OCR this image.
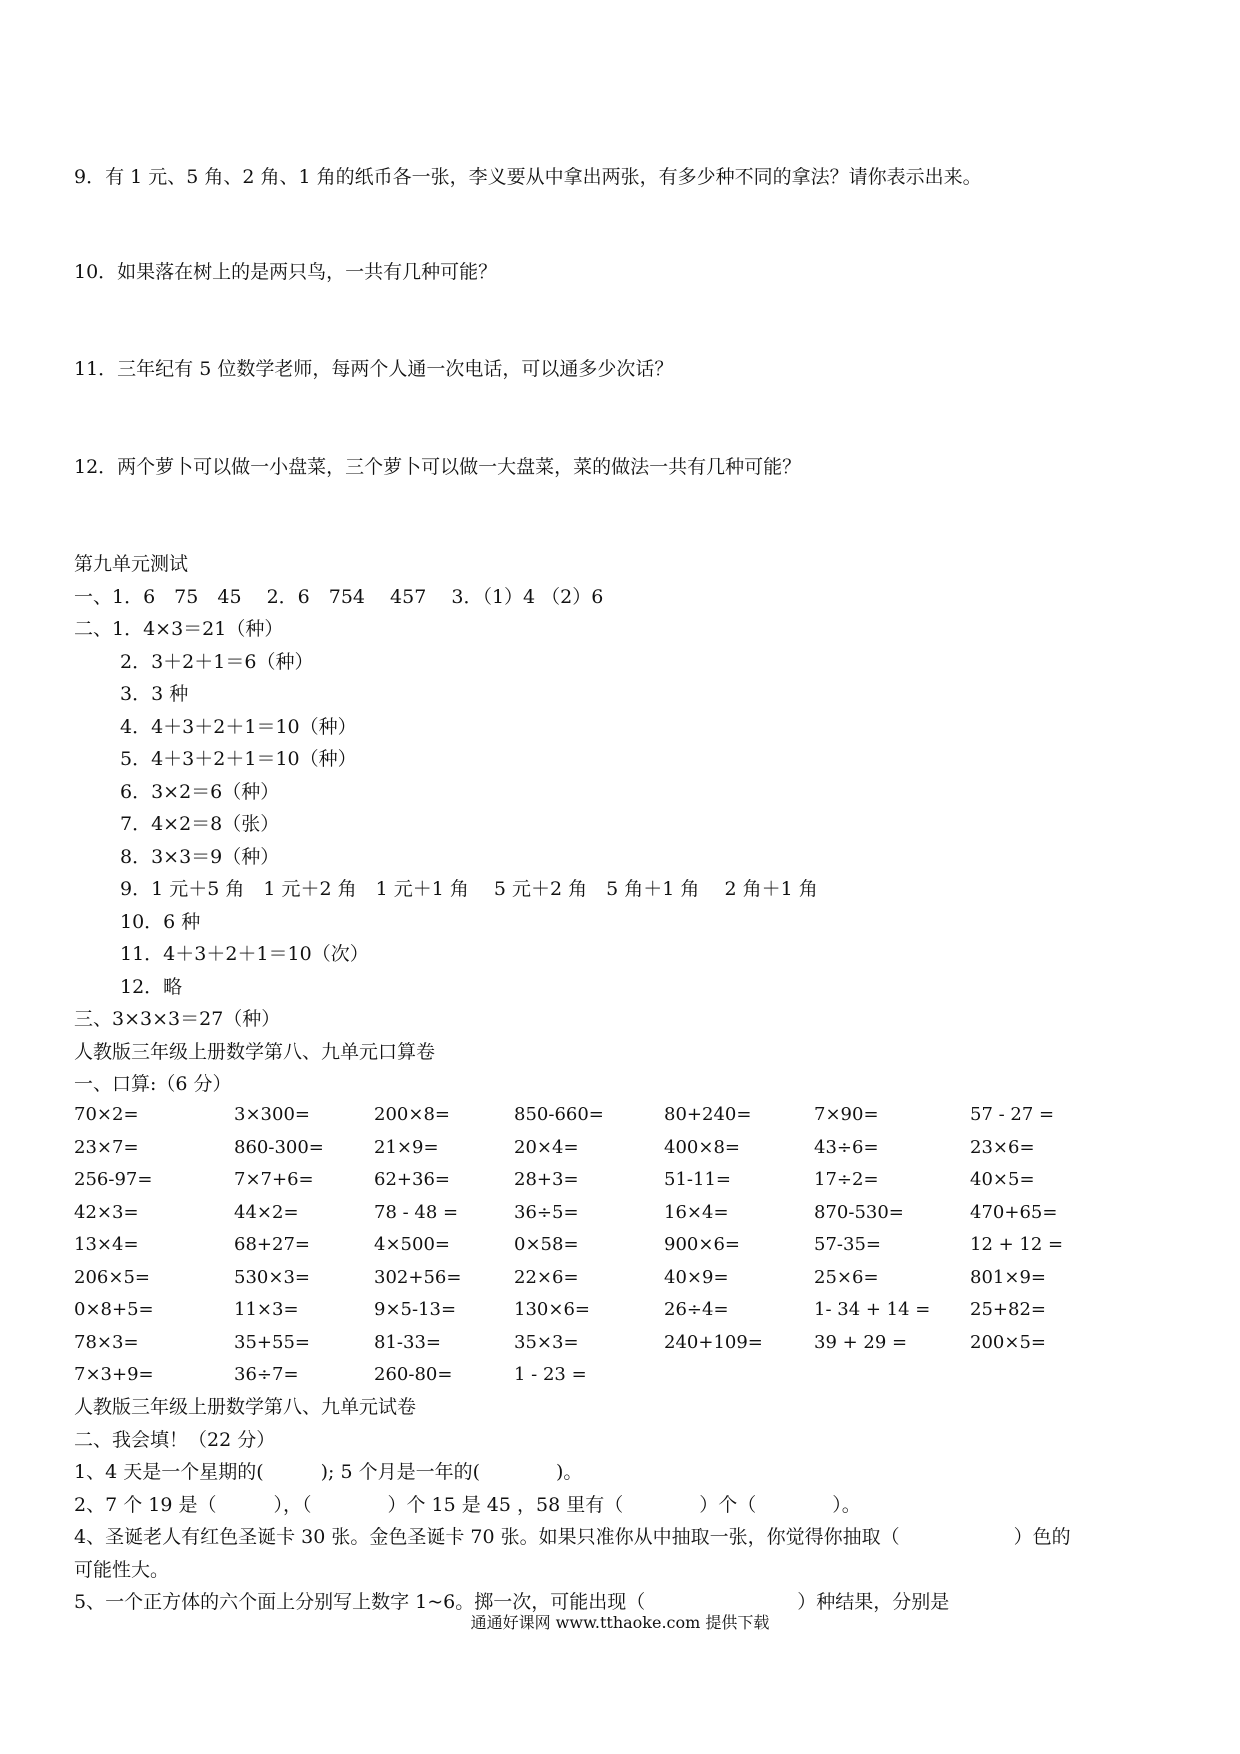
9．有 1 元、5 角、2 角、1 角的纸币各一张，李义要从中拿出两张，有多少种不同的拿法？请你表示出来。
10．如果落在树上的是两只鸟，一共有几种可能？
11．三年纪有 5 位数学老师，每两个人通一次电话，可以通多少次话？
12．两个萝卜可以做一小盘菜，三个萝卜可以做一大盘菜，菜的做法一共有几种可能？
第九单元测试
一、1．6　75　45　 2．6　754　 457　 3．（1）4 （2）6
二、1．4×3＝21（种）
2．3＋2＋1＝6（种）
3．3 种
4．4＋3＋2＋1＝10（种）
5．4＋3＋2＋1＝10（种）
6．3×2＝6（种）
7．4×2＝8（张）
8．3×3＝9（种）
9．1 元＋5 角　1 元＋2 角　1 元＋1 角　 5 元＋2 角　5 角＋1 角　 2 角＋1 角
10．6 种
11．4＋3＋2＋1＝10（次）
12．略
三、3×3×3＝27（种）
人教版三年级上册数学第八、九单元口算卷
一、口算:（6 分）
70×2=	3×300=	200×8=	850-660=	80+240=	7×90=	57 - 27 =
23×7=	860-300=	21×9=	20×4=	400×8=	43÷6=	23×6=
256-97=	7×7+6=	62+36=	28+3=	51-11=	17÷2=	40×5=
42×3=	44×2=	78 - 48 =	36÷5=	16×4=	870-530=	470+65=
13×4=	68+27=	4×500=	0×58=	900×6=	57-35=	12 + 12 =
206×5=	530×3=	302+56=	22×6=	40×9=	25×6=	801×9=
0×8+5=	11×3=	9×5-13=	130×6=	26÷4=	1- 34 + 14 = 25+82=
78×3=	35+55=	81-33=	35×3=	240+109=	39 + 29 =	200×5=
7×3+9=	36÷7=	260-80=	1 - 23 =
人教版三年级上册数学第八、九单元试卷
二、我会填！（22 分）
1、4 天是一个星期的(　　　); 5 个月是一年的(　　　　)。
2、7 个 19 是（　　　），（　　　　）个 15 是 45 ，58 里有（　　　　）个（　　　　）。
4、圣诞老人有红色圣诞卡 30 张。金色圣诞卡 70 张。如果只准你从中抽取一张，你觉得你抽取（　　　　　　）色的
可能性大。
5、一个正方体的六个面上分别写上数字 1~6。掷一次，可能出现（　　　　　　　　）种结果，分别是
通通好课网 www.tthaoke.com 提供下载
